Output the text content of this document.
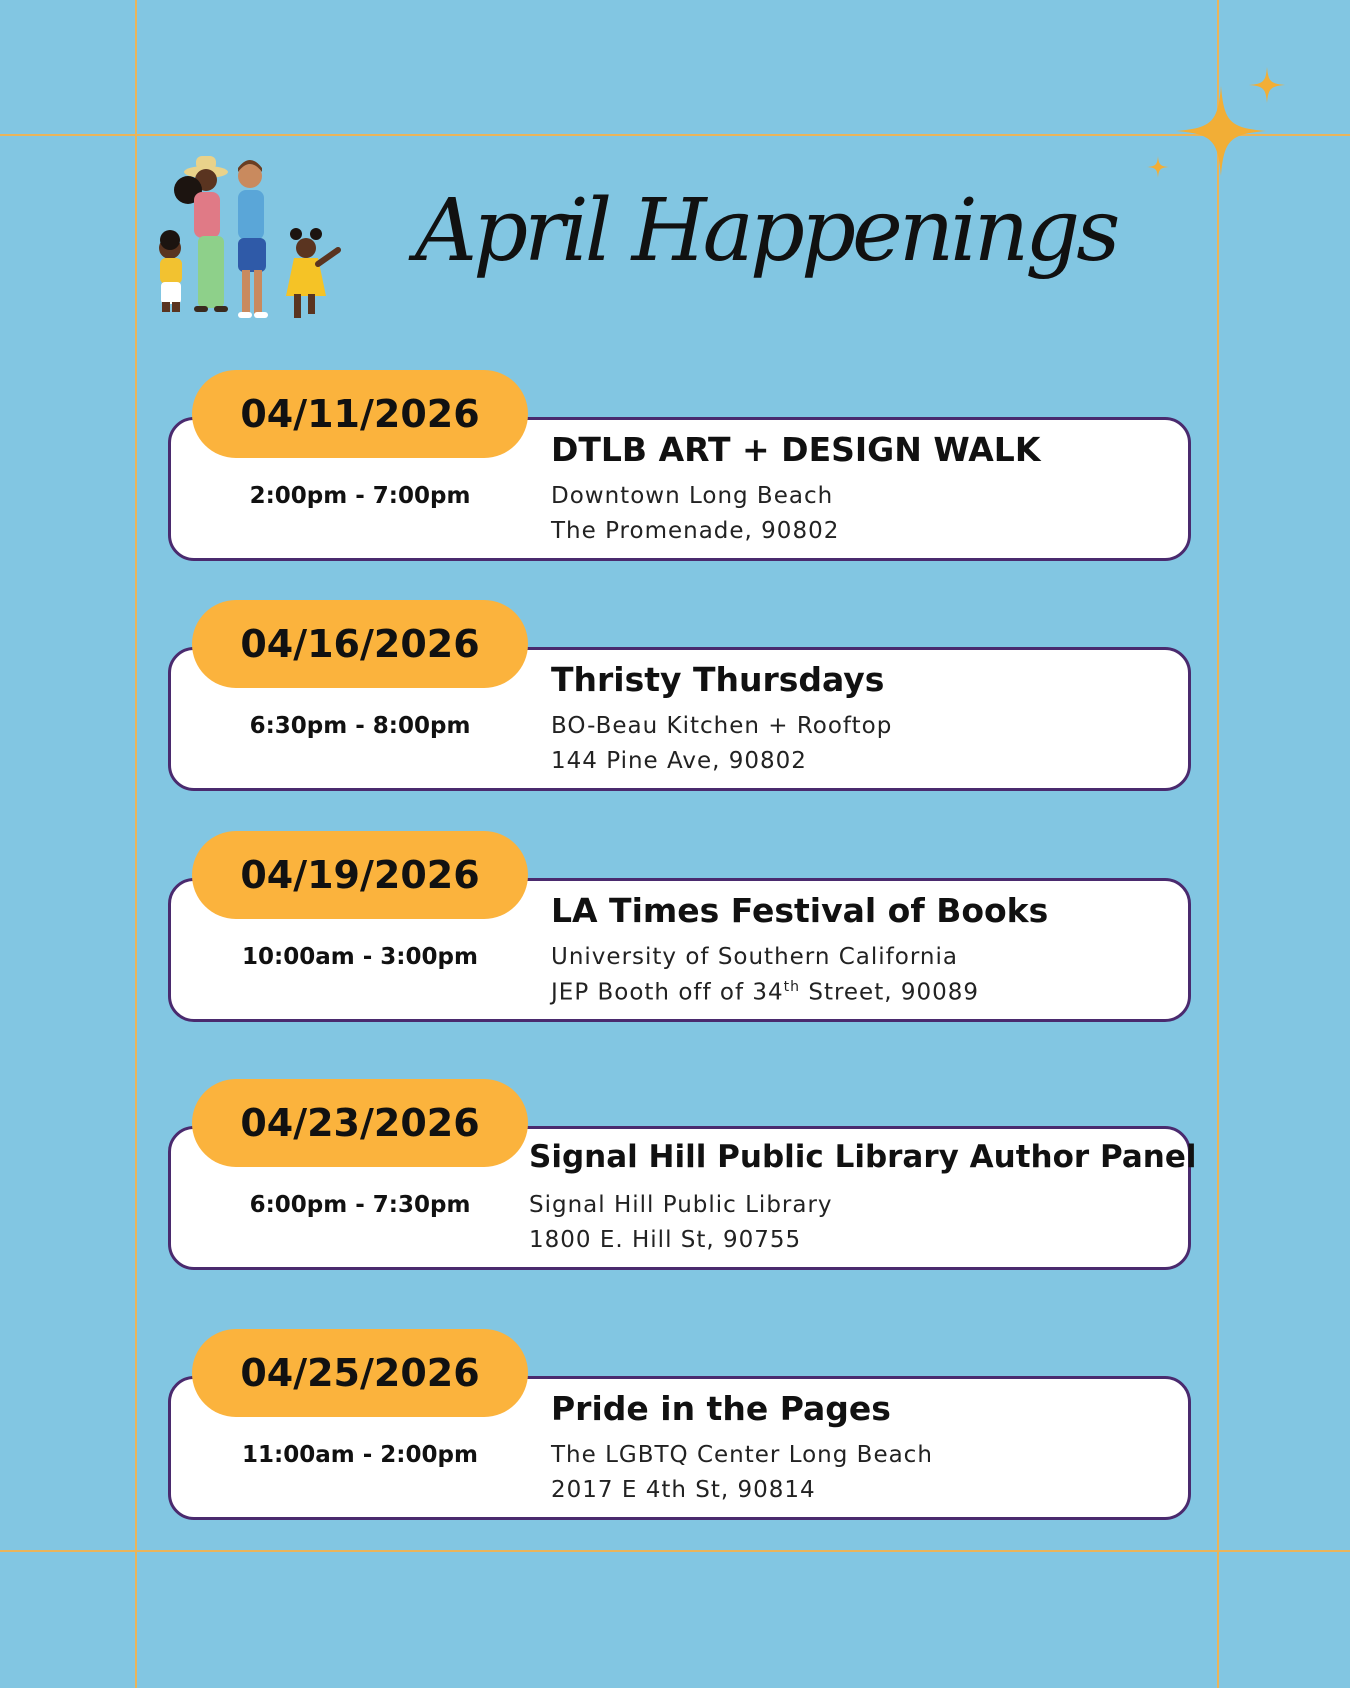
April Happenings
04/11/2026
2:00pm - 7:00pm
DTLB ART + DESIGN WALK
Downtown Long Beach
The Promenade, 90802
04/16/2026
6:30pm - 8:00pm
Thristy Thursdays
BO-Beau Kitchen + Rooftop
144 Pine Ave, 90802
04/19/2026
10:00am - 3:00pm
LA Times Festival of Books
University of Southern California
JEP Booth off of 34th Street, 90089
04/23/2026
6:00pm - 7:30pm
Signal Hill Public Library Author Panel
Signal Hill Public Library
1800 E. Hill St, 90755
04/25/2026
11:00am - 2:00pm
Pride in the Pages
The LGBTQ Center Long Beach
2017 E 4th St, 90814
